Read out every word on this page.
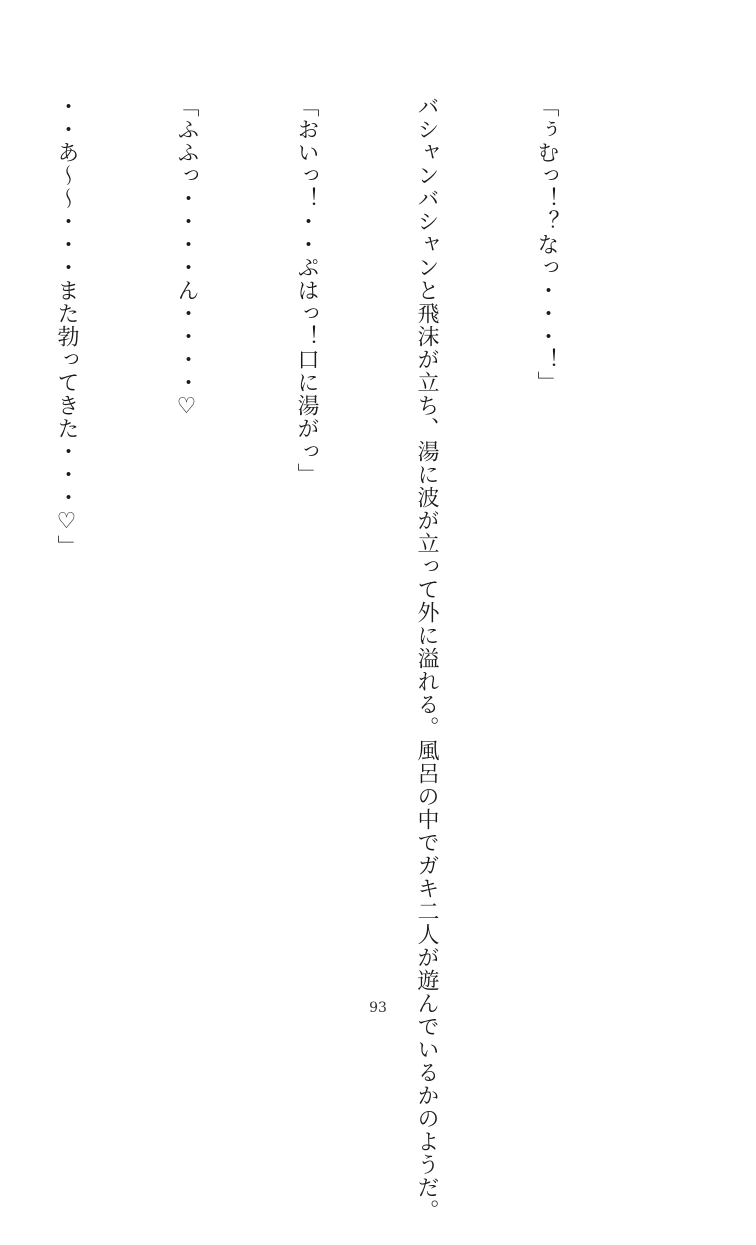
「ぅむっ！？なっ・・・！」

バシャンバシャンと飛沫が立ち、湯に波が立って外に溢れる。風呂の中でガキ二人が遊んでいるかのようだ。

「おいっ！・・ぷはっ！口に湯がっ」

「ふふっ・・・・ん・・・・♡

・・あ〜〜・・・また勃ってきた・・・♡」

93
